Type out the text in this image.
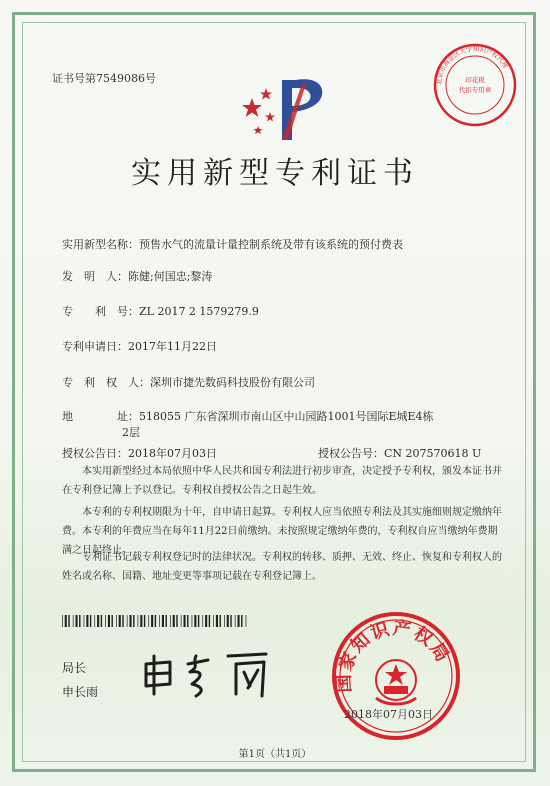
证书号第7549086号	北京市海淀区大学知识产权代理
印花税
代扣专用章
实用新型专利证书
实用新型名称：预售水气的流量计量控制系统及带有该系统的预付费表
发　明　人：陈健;何国忠;黎涛
专　　利　号：ZL 2017 2 1579279.9
专利申请日：2017年11月22日
专　利　权　人：深圳市捷先数码科技股份有限公司
地　　　　址：518055 广东省深圳市南山区中山园路1001号国际E城E4栋
2层
授权公告日：2018年07月03日	授权公告号：CN 207570618 U
本实用新型经过本局依照中华人民共和国专利法进行初步审查，决定授予专利权，颁发本证书并在专利登记簿上予以登记。专利权自授权公告之日起生效。
本专利的专利权期限为十年，自申请日起算。专利权人应当依照专利法及其实施细则规定缴纳年费。本专利的年费应当在每年11月22日前缴纳。未按照规定缴纳年费的，专利权自应当缴纳年费期满之日起终止。
专利证书记载专利权登记时的法律状况。专利权的转移、质押、无效、终止、恢复和专利权人的姓名或名称、国籍、地址变更等事项记载在专利登记簿上。
局长
申长雨	国家知识产权局
2018年07月03日
第1页（共1页）
